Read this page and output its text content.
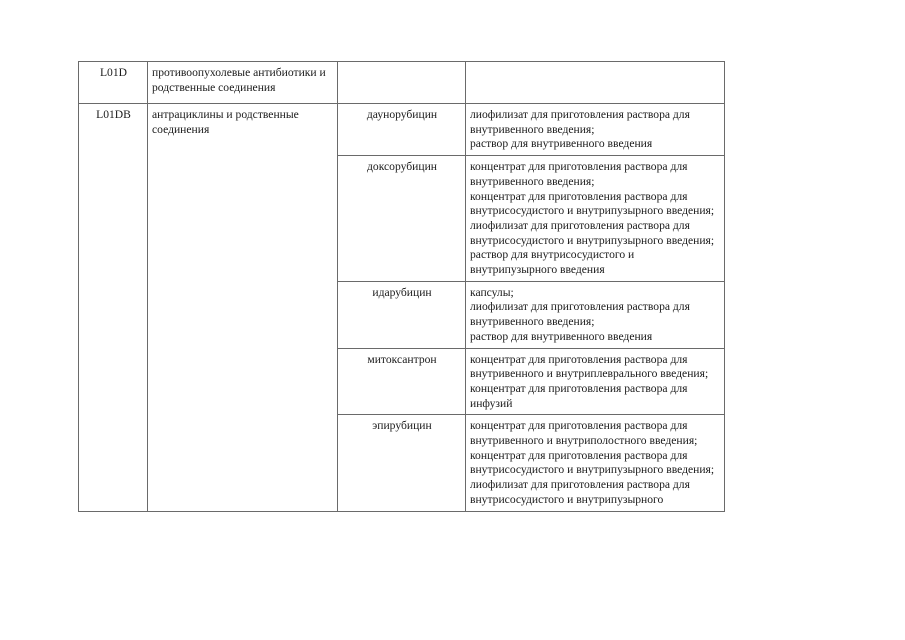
L01D	противоопухолевые антибиотики и родственные соединения		
L01DB	антрациклины и родственные соединения	даунорубицин	лиофилизат для приготовления раствора для внутривенного введения;
раствор для внутривенного введения

		доксорубицин	концентрат для приготовления раствора для внутривенного введения;
концентрат для приготовления раствора для внутрисосудистого и внутрипузырного введения;
лиофилизат для приготовления раствора для внутрисосудистого и внутрипузырного введения;
раствор для внутрисосудистого и внутрипузырного введения

		идарубицин	капсулы;
лиофилизат для приготовления раствора для внутривенного введения;
раствор для внутривенного введения

		митоксантрон	концентрат для приготовления раствора для внутривенного и внутриплеврального введения;
концентрат для приготовления раствора для инфузий

		эпирубицин	концентрат для приготовления раствора для внутривенного и внутриполостного введения;
концентрат для приготовления раствора для внутрисосудистого и внутрипузырного введения;
лиофилизат для приготовления раствора для внутрисосудистого и внутрипузырного
